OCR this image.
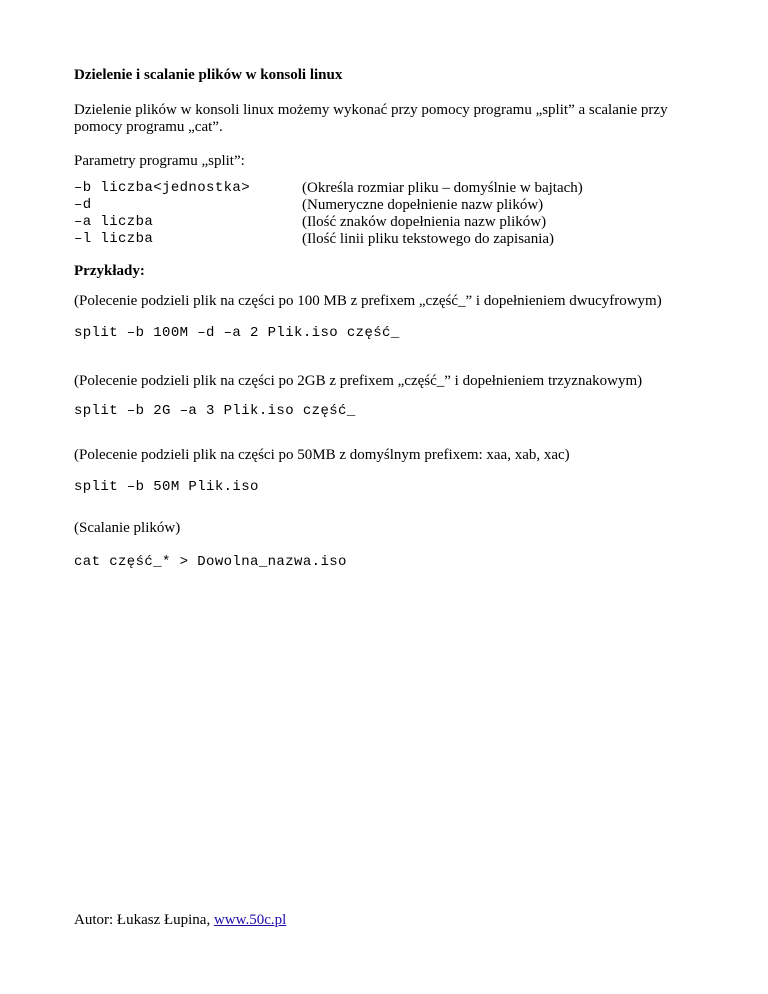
Dzielenie i scalanie plików w konsoli linux

Dzielenie plików w konsoli linux możemy wykonać przy pomocy programu „split” a scalanie przy

pomocy programu „cat”.

Parametry programu „split”:

–b liczba<jednostka>	(Określa rozmiar pliku – domyślnie w bajtach)
–d	(Numeryczne dopełnienie nazw plików)
–a liczba	(Ilość znaków dopełnienia nazw plików)
–l liczba	(Ilość linii pliku tekstowego do zapisania)

Przykłady:

(Polecenie podzieli plik na części po 100 MB z prefixem „część_” i dopełnieniem dwucyfrowym)

split –b 100M –d –a 2 Plik.iso część_

(Polecenie podzieli plik na części po 2GB z prefixem „część_” i dopełnieniem trzyznakowym)

split –b 2G –a 3 Plik.iso część_

(Polecenie podzieli plik na części po 50MB z domyślnym prefixem: xaa, xab, xac)

split –b 50M Plik.iso

(Scalanie plików)

cat część_* > Dowolna_nazwa.iso

Autor: Łukasz Łupina, www.50c.pl
